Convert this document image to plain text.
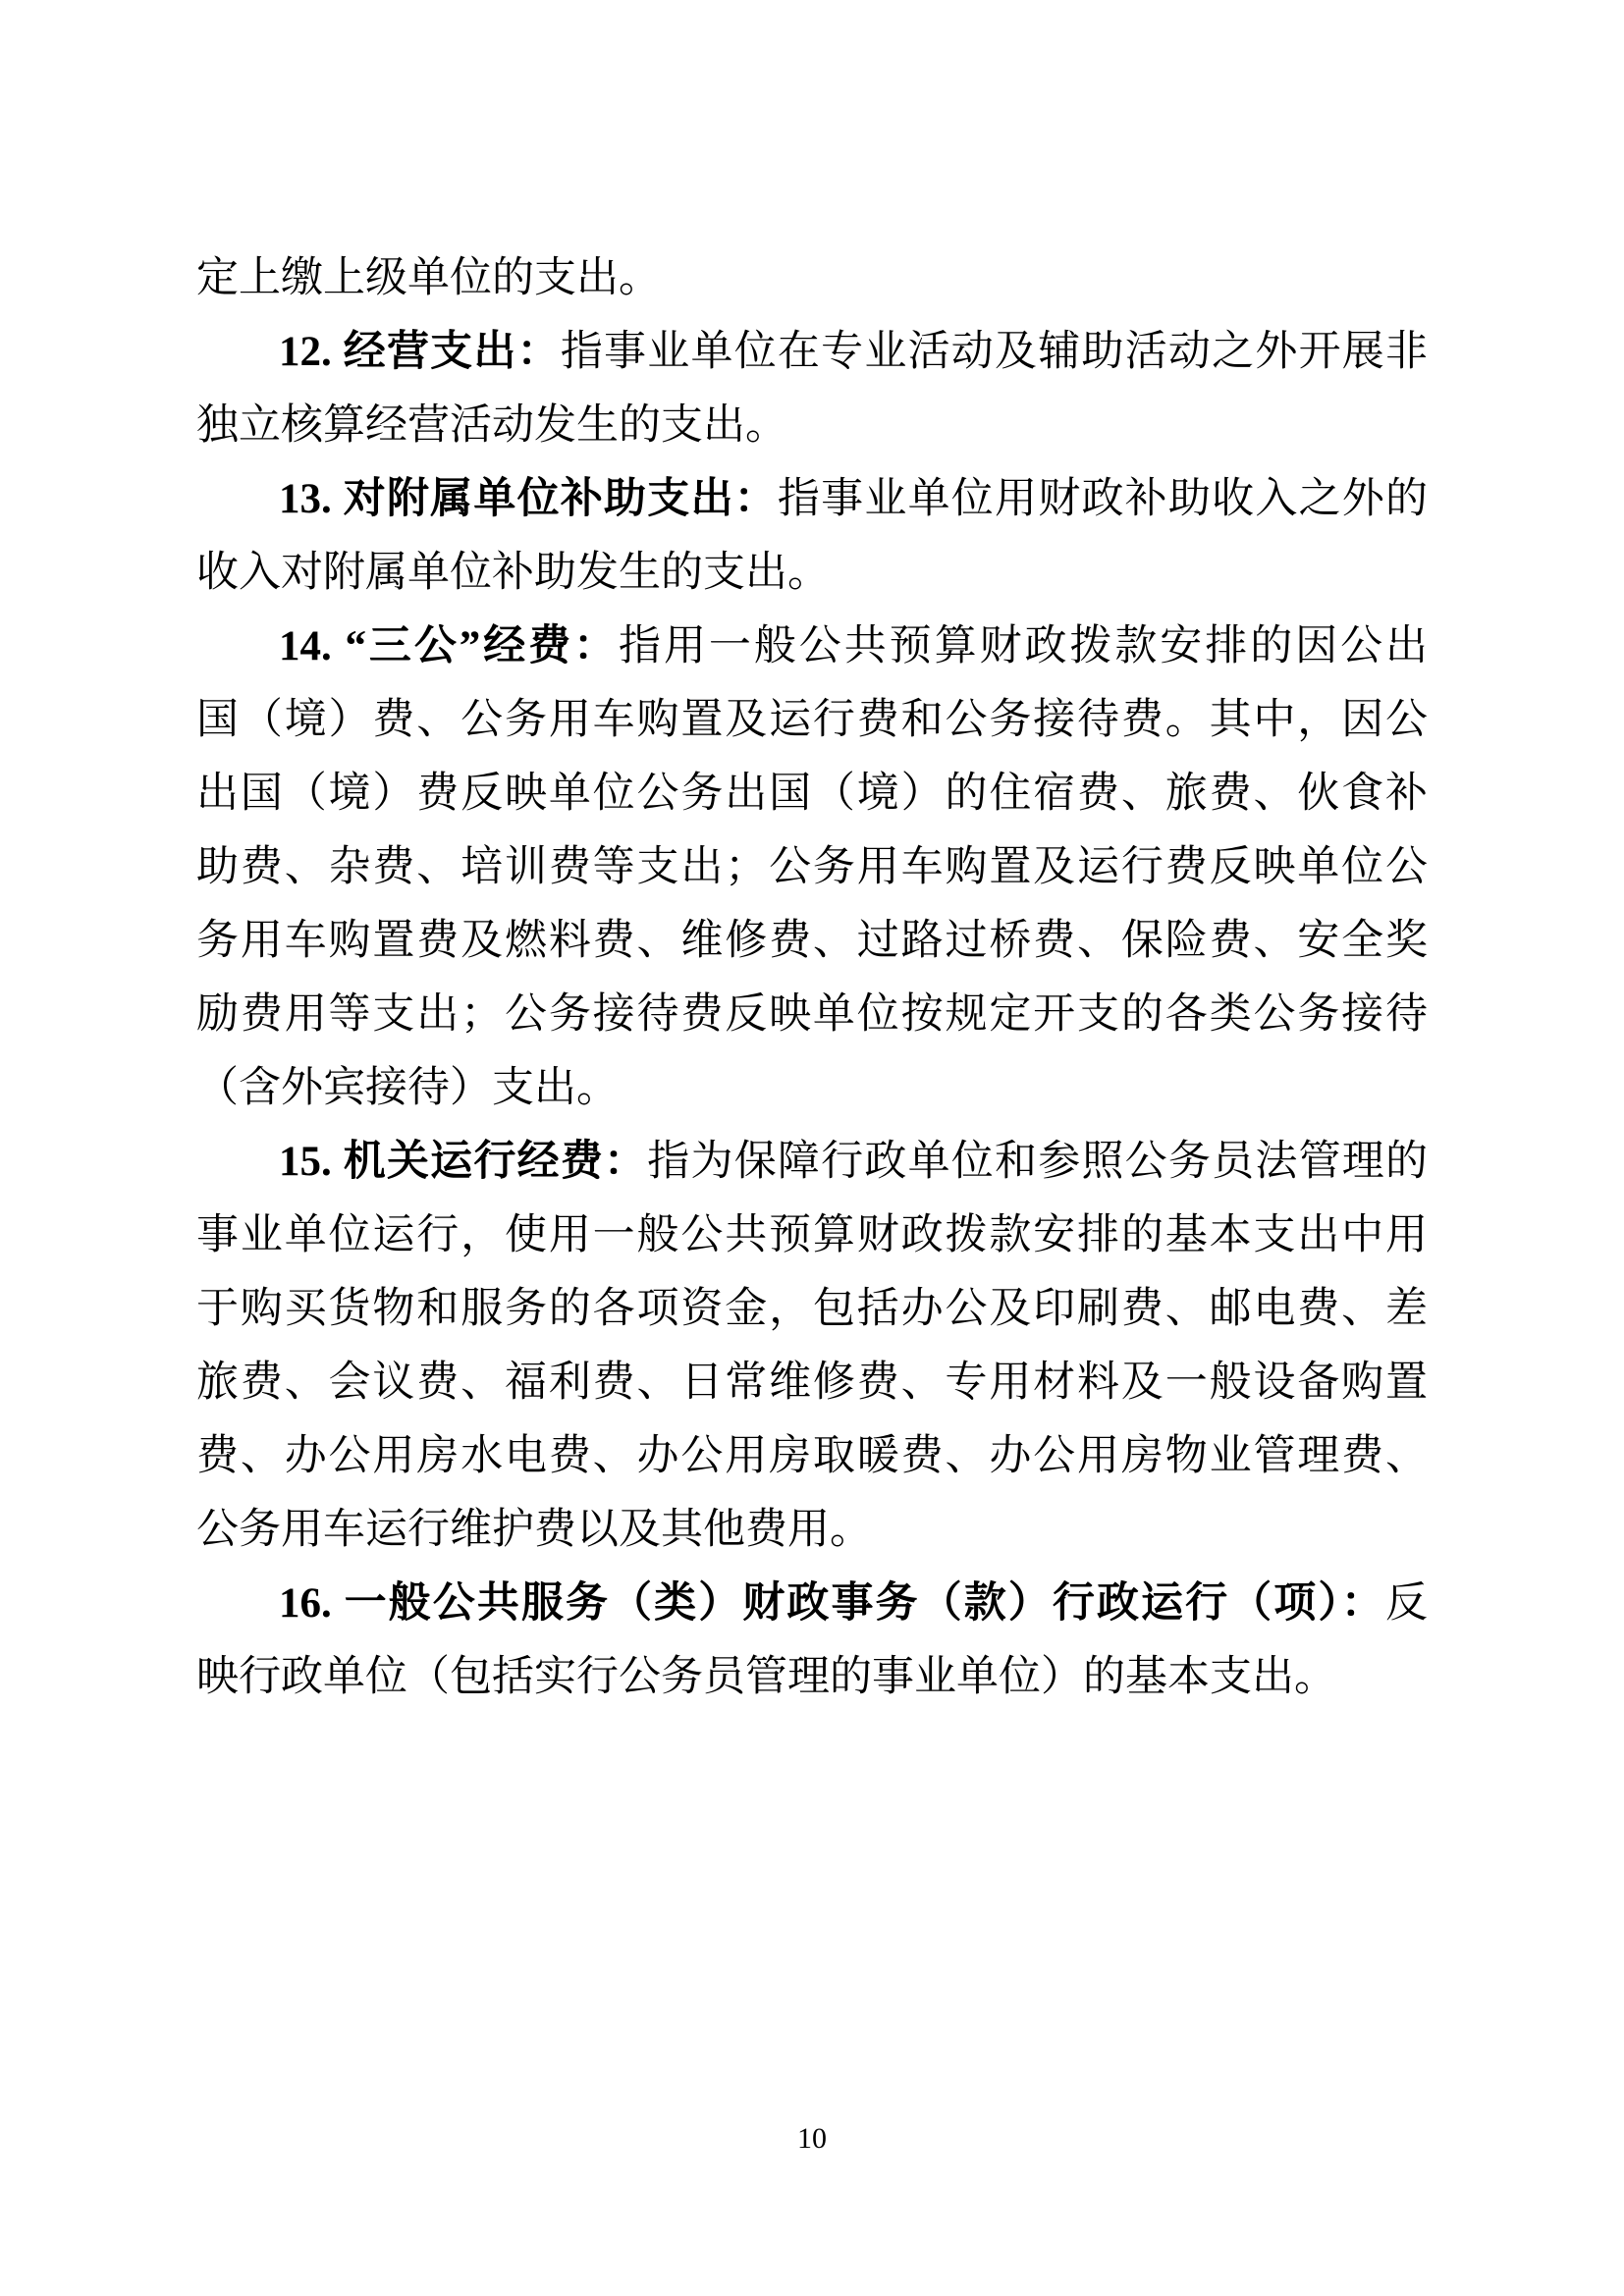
定上缴上级单位的支出。
12. 经营支出：指事业单位在专业活动及辅助活动之外开展非
独立核算经营活动发生的支出。
13. 对附属单位补助支出：指事业单位用财政补助收入之外的
收入对附属单位补助发生的支出。
14. “三公”经费：指用一般公共预算财政拨款安排的因公出
国（境）费、公务用车购置及运行费和公务接待费。其中，因公
出国（境）费反映单位公务出国（境）的住宿费、旅费、伙食补
助费、杂费、培训费等支出；公务用车购置及运行费反映单位公
务用车购置费及燃料费、维修费、过路过桥费、保险费、安全奖
励费用等支出；公务接待费反映单位按规定开支的各类公务接待
（含外宾接待）支出。
15. 机关运行经费：指为保障行政单位和参照公务员法管理的
事业单位运行，使用一般公共预算财政拨款安排的基本支出中用
于购买货物和服务的各项资金，包括办公及印刷费、邮电费、差
旅费、会议费、福利费、日常维修费、专用材料及一般设备购置
费、办公用房水电费、办公用房取暖费、办公用房物业管理费、
公务用车运行维护费以及其他费用。
16. 一般公共服务（类）财政事务（款）行政运行（项）：反
映行政单位（包括实行公务员管理的事业单位）的基本支出。
10
